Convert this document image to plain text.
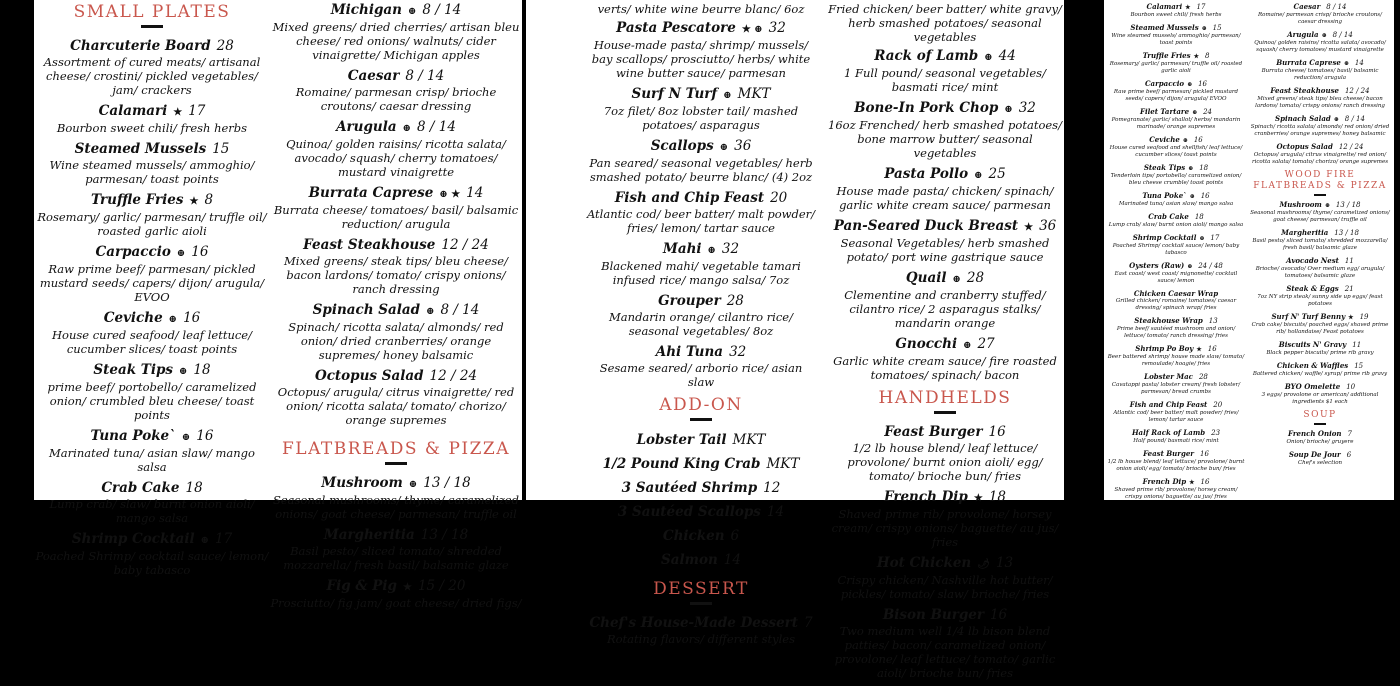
SMALL PLATES
Charcuterie Board 28
Assortment of cured meats/ artisanal cheese/ crostini/ pickled vegetables/ jam/ crackers
Calamari ★ 17
Bourbon sweet chili/ fresh herbs
Steamed Mussels 15
Wine steamed mussels/ ammoghio/ parmesan/ toast points
Truffle Fries ★ 8
Rosemary/ garlic/ parmesan/ truffle oil/ roasted garlic aioli
Carpaccio ⊕ 16
Raw prime beef/ parmesan/ pickled mustard seeds/ capers/ dijon/ arugula/ EVOO
Ceviche ⊕ 16
House cured seafood/ leaf lettuce/ cucumber slices/ toast points
Steak Tips ⊕ 18
prime beef/ portobello/ caramelized onion/ crumbled bleu cheese/ toast points
Tuna Poke` ⊕ 16
Marinated tuna/ asian slaw/ mango salsa
Crab Cake 18
Lump crab/ slaw/ burnt onion aioli/ mango salsa
Shrimp Cocktail ⊕ 17
Poached Shrimp/ cocktail sauce/ lemon/ baby tabasco
Michigan ⊕ 8 / 14
Mixed greens/ dried cherries/ artisan bleu cheese/ red onions/ walnuts/ cider vinaigrette/ Michigan apples
Caesar 8 / 14
Romaine/ parmesan crisp/ brioche croutons/ caesar dressing
Arugula ⊕ 8 / 14
Quinoa/ golden raisins/ ricotta salata/ avocado/ squash/ cherry tomatoes/ mustard vinaigrette
Burrata Caprese ⊕ ★ 14
Burrata cheese/ tomatoes/ basil/ balsamic reduction/ arugula
Feast Steakhouse 12 / 24
Mixed greens/ steak tips/ bleu cheese/ bacon lardons/ tomato/ crispy onions/ ranch dressing
Spinach Salad ⊕ 8 / 14
Spinach/ ricotta salata/ almonds/ red onion/ dried cranberries/ orange supremes/ honey balsamic
Octopus Salad 12 / 24
Octopus/ arugula/ citrus vinaigrette/ red onion/ ricotta salata/ tomato/ chorizo/ orange supremes
FLATBREADS & PIZZA
Mushroom ⊕ 13 / 18
Seasonal mushrooms/ thyme/ caramelized onions/ goat cheese/ parmesan/ truffle oil
Margheritia 13 / 18
Basil pesto/ sliced tomato/ shredded mozzarella/ fresh basil/ balsamic glaze
Fig & Pig ★ 15 / 20
Prosciutto/ fig jam/ goat cheese/ dried figs/
verts/ white wine beurre blanc/ 6oz
Pasta Pescatore ★ ⊕ 32
House-made pasta/ shrimp/ mussels/ bay scallops/ prosciutto/ herbs/ white wine butter sauce/ parmesan
Surf N Turf ⊕ MKT
7oz filet/ 8oz lobster tail/ mashed potatoes/ asparagus
Scallops ⊕ 36
Pan seared/ seasonal vegetables/ herb smashed potato/ beurre blanc/ (4) 2oz
Fish and Chip Feast 20
Atlantic cod/ beer batter/ malt powder/ fries/ lemon/ tartar sauce
Mahi ⊕ 32
Blackened mahi/ vegetable tamari infused rice/ mango salsa/ 7oz
Grouper 28
Mandarin orange/ cilantro rice/ seasonal vegetables/ 8oz
Ahi Tuna 32
Sesame seared/ arborio rice/ asian slaw
ADD-ON
Lobster Tail MKT
1/2 Pound King Crab MKT
3 Sautéed Shrimp 12
3 Sautéed Scallops 14
Chicken 6
Salmon 14
DESSERT
Chef's House-Made Dessert 7
Rotating flavors/ different styles
Fried chicken/ beer batter/ white gravy/ herb smashed potatoes/ seasonal vegetables
Rack of Lamb ⊕ 44
1 Full pound/ seasonal vegetables/ basmati rice/ mint
Bone-In Pork Chop ⊕ 32
16oz Frenched/ herb smashed potatoes/ bone marrow butter/ seasonal vegetables
Pasta Pollo ⊕ 25
House made pasta/ chicken/ spinach/ garlic white cream sauce/ parmesan
Pan-Seared Duck Breast ★ 36
Seasonal Vegetables/ herb smashed potato/ port wine gastrique sauce
Quail ⊕ 28
Clementine and cranberry stuffed/ cilantro rice/ 2 asparagus stalks/ mandarin orange
Gnocchi ⊕ 27
Garlic white cream sauce/ fire roasted tomatoes/ spinach/ bacon
HANDHELDS
Feast Burger 16
1/2 lb house blend/ leaf lettuce/ provolone/ burnt onion aioli/ egg/ tomato/ brioche bun/ fries
French Dip ★ 18
Shaved prime rib/ provolone/ horsey cream/ crispy onions/ baguette/ au jus/ fries
Hot Chicken 🌶 13
Crispy chicken/ Nashville hot butter/ pickles/ tomato/ slaw/ brioche/ fries
Bison Burger 16
Two medium well 1/4 lb bison blend patties/ bacon/ caramelized onion/ provolone/ leaf lettuce/ tomato/ garlic aioli/ brioche bun/ fries
Calamari ★ 17
Bourbon sweet chili/ fresh herbs
Steamed Mussels ⊕ 15
Wine steamed mussels/ ammoghio/ parmesan/ toast points
Truffle Fries ★ 8
Rosemary/ garlic/ parmesan/ truffle oil/ roasted garlic aioli
Carpaccio ⊕ 16
Raw prime beef/ parmesan/ pickled mustard seeds/ capers/ dijon/ arugula/ EVOO
Filet Tartare ⊕ 24
Pomegranate/ garlic/ shallot/ herbs/ mandarin marinade/ orange supremes
Ceviche ⊕ 16
House cured seafood and shellfish/ leaf lettuce/ cucumber slices/ toast points
Steak Tips ⊕ 18
Tenderloin tips/ portobello/ caramelized onion/ bleu cheese crumble/ toast points
Tuna Poke` ⊕ 16
Marinated tuna/ asian slaw/ mango salsa
Crab Cake 18
Lump crab/ slaw/ burnt onion aioli/ mango salsa
Shrimp Cocktail ⊕ 17
Poached Shrimp/ cocktail sauce/ lemon/ baby tabasco
Oysters (Raw) ⊕ 24 / 48
East coast/ west coast/ mignonette/ cocktail sauce/ lemon
Chicken Caesar Wrap
Grilled chicken/ romaine/ tomatoes/ caesar dressing/ spinach wrap/ fries
Steakhouse Wrap 13
Prime beef/ sautéed mushroom and onion/ lettuce/ tomato/ ranch dressing/ fries
Shrimp Po Boy ★ 16
Beer battered shrimp/ house made slaw/ tomato/ remoulade/ hoagie/ fries
Lobster Mac 28
Cavatappi pasta/ lobster cream/ fresh lobster/ parmesan/ bread crumbs
Fish and Chip Feast 20
Atlantic cod/ beer batter/ malt powder/ fries/ lemon/ tartar sauce
Half Rack of Lamb 23
Half pound/ basmati rice/ mint
Feast Burger 16
1/2 lb house blend/ leaf lettuce/ provolone/ burnt onion aioli/ egg/ tomato/ brioche bun/ fries
French Dip ★ 16
Shaved prime rib/ provolone/ horsey cream/ crispy onions/ baguette/ au jus/ fries
Caesar 8 / 14
Romaine/ parmesan crisp/ brioche croutons/ caesar dressing
Arugula ⊕ 8 / 14
Quinoa/ golden raisins/ ricotta salata/ avocado/ squash/ cherry tomatoes/ mustard vinaigrette
Burrata Caprese ⊕ 14
Burrata cheese/ tomatoes/ basil/ balsamic reduction/ arugula
Feast Steakhouse 12 / 24
Mixed greens/ steak tips/ bleu cheese/ bacon lardons/ tomato/ crispy onions/ ranch dressing
Spinach Salad ⊕ 8 / 14
Spinach/ ricotta salata/ almonds/ red onion/ dried cranberries/ orange supremes/ honey balsamic
Octopus Salad 12 / 24
Octopus/ arugula/ citrus vinaigrette/ red onion/ ricotta salata/ tomato/ chorizo/ orange supremes
WOOD FIRE FLATBREADS & PIZZA
Mushroom ⊕ 13 / 18
Seasonal mushrooms/ thyme/ caramelized onions/ goat cheese/ parmesan/ truffle oil
Margheritia 13 / 18
Basil pesto/ sliced tomato/ shredded mozzarella/ fresh basil/ balsamic glaze
Avocado Nest 11
Brioche/ avocado/ Over medium egg/ arugula/ tomatoes/ balsamic glaze
Steak & Eggs 21
7oz NY strip steak/ sunny side up eggs/ feast potatoes
Surf N' Turf Benny ★ 19
Crab cake/ biscuits/ poached eggs/ shaved prime rib/ hollandaise/ Feast potatoes
Biscuits N' Gravy 11
Black pepper biscuits/ prime rib gravy
Chicken & Waffles 15
Battered chicken/ waffle/ syrup/ prime rib gravy
BYO Omelette 10
3 eggs/ provolone or american/ additional ingredients $1 each
SOUP
French Onion 7
Onion/ brioche/ gruyere
Soup De Jour 6
Chef's selection
